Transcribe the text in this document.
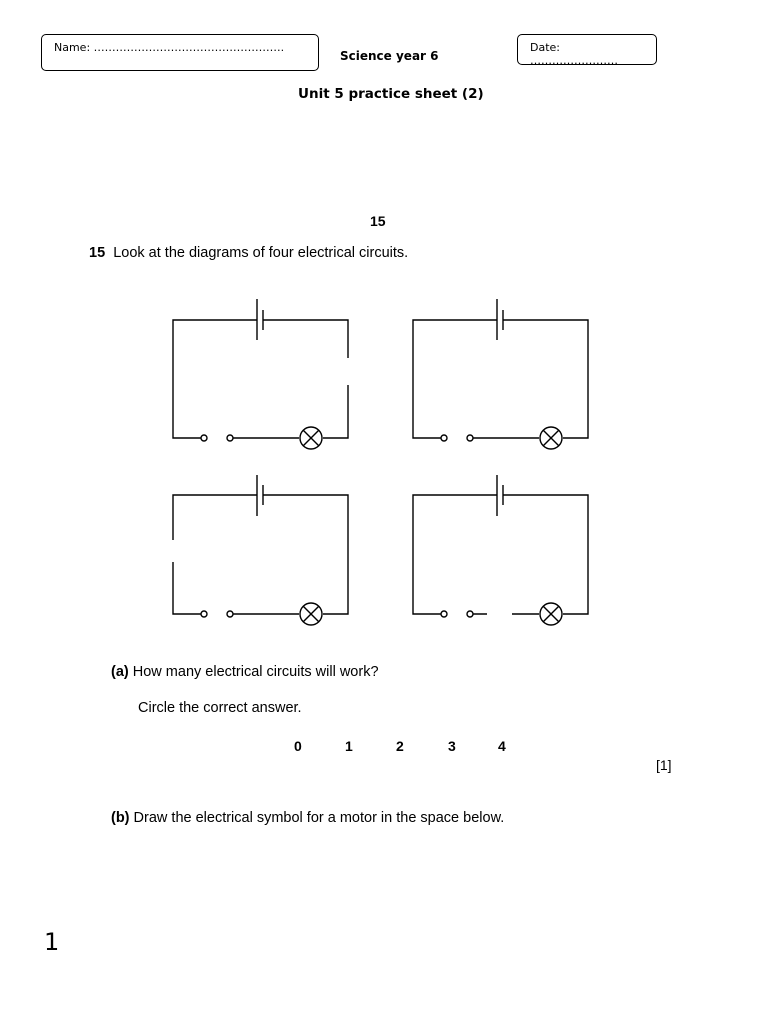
Name: …………………………………………….
Science year 6
Date: ……………………
Unit 5 practice sheet (2)
15
15 Look at the diagrams of four electrical circuits.
(a) How many electrical circuits will work?
Circle the correct answer.
0	1	2	3	4
[1]
(b) Draw the electrical symbol for a motor in the space below.
1
